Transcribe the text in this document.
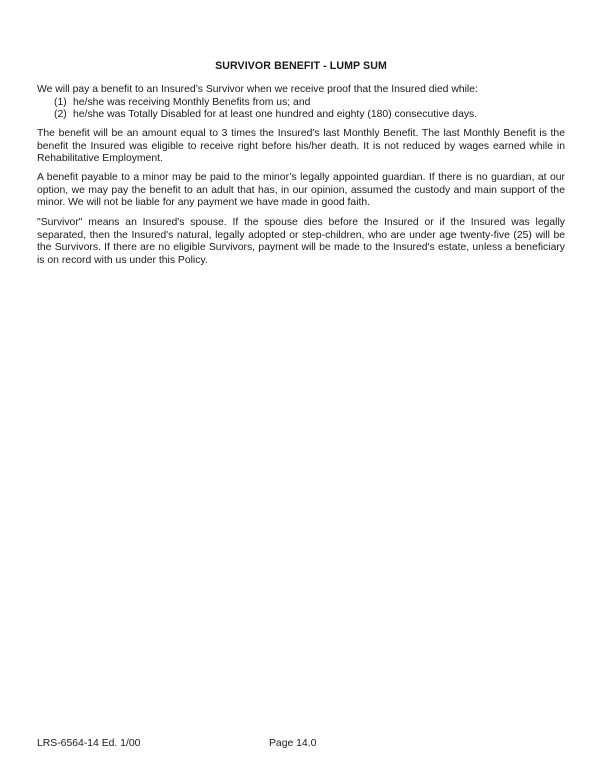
SURVIVOR BENEFIT - LUMP SUM
We will pay a benefit to an Insured’s Survivor when we receive proof that the Insured died while:
(1) he/she was receiving Monthly Benefits from us; and
(2) he/she was Totally Disabled for at least one hundred and eighty (180) consecutive days.
The benefit will be an amount equal to 3 times the Insured’s last Monthly Benefit. The last Monthly Benefit is the benefit the Insured was eligible to receive right before his/her death. It is not reduced by wages earned while in Rehabilitative Employment.
A benefit payable to a minor may be paid to the minor’s legally appointed guardian. If there is no guardian, at our option, we may pay the benefit to an adult that has, in our opinion, assumed the custody and main support of the minor. We will not be liable for any payment we have made in good faith.
"Survivor" means an Insured's spouse. If the spouse dies before the Insured or if the Insured was legally separated, then the Insured's natural, legally adopted or step-children, who are under age twenty-five (25) will be the Survivors. If there are no eligible Survivors, payment will be made to the Insured's estate, unless a beneficiary is on record with us under this Policy.
LRS-6564-14 Ed. 1/00	Page 14.0
